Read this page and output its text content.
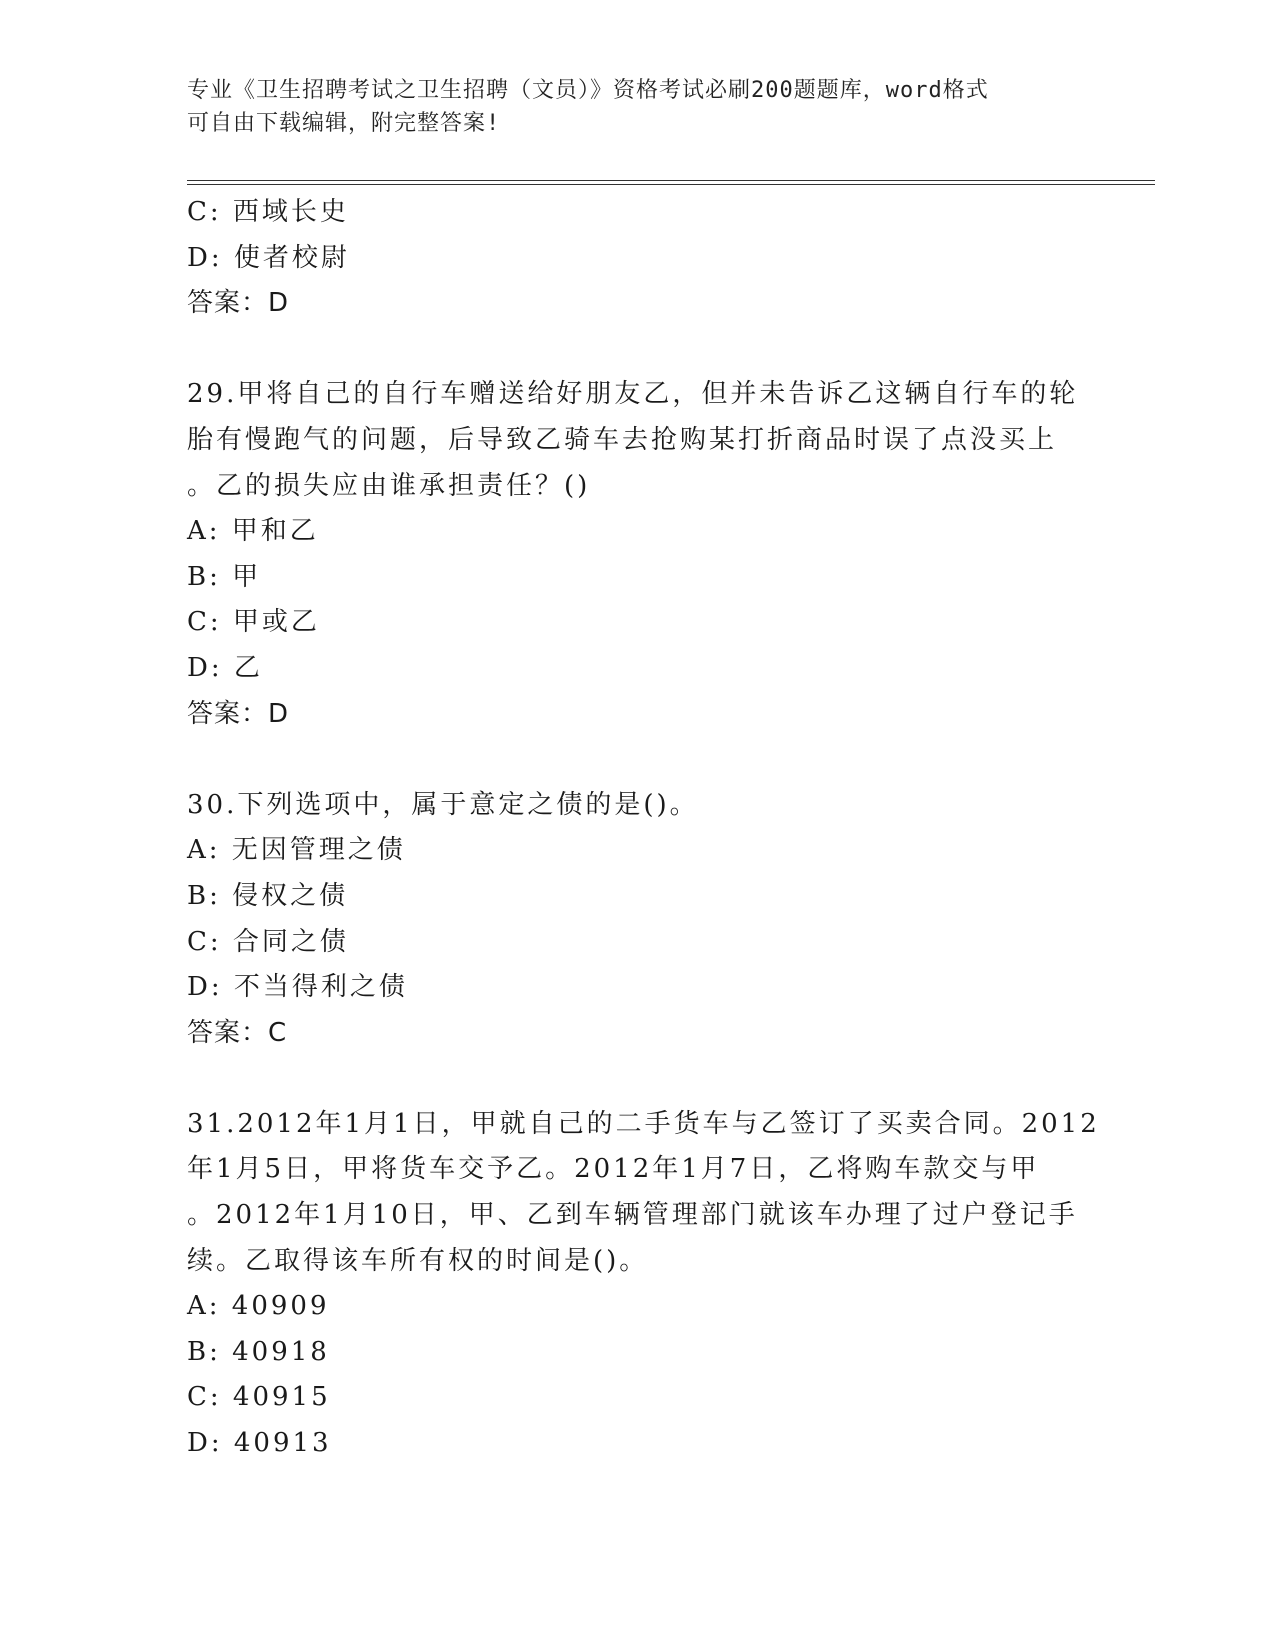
专业《卫生招聘考试之卫生招聘（文员）》资格考试必刷200题题库，word格式
可自由下载编辑，附完整答案!
C: 西域长史
D: 使者校尉
答案：D
29.甲将自己的自行车赠送给好朋友乙，但并未告诉乙这辆自行车的轮
胎有慢跑气的问题，后导致乙骑车去抢购某打折商品时误了点没买上
。乙的损失应由谁承担责任？()
A: 甲和乙
B: 甲
C: 甲或乙
D: 乙
答案：D
30.下列选项中，属于意定之债的是()。
A: 无因管理之债
B: 侵权之债
C: 合同之债
D: 不当得利之债
答案：C
31.2012年1月1日，甲就自己的二手货车与乙签订了买卖合同。2012
年1月5日，甲将货车交予乙。2012年1月7日，乙将购车款交与甲
。2012年1月10日，甲、乙到车辆管理部门就该车办理了过户登记手
续。乙取得该车所有权的时间是()。
A: 40909
B: 40918
C: 40915
D: 40913
